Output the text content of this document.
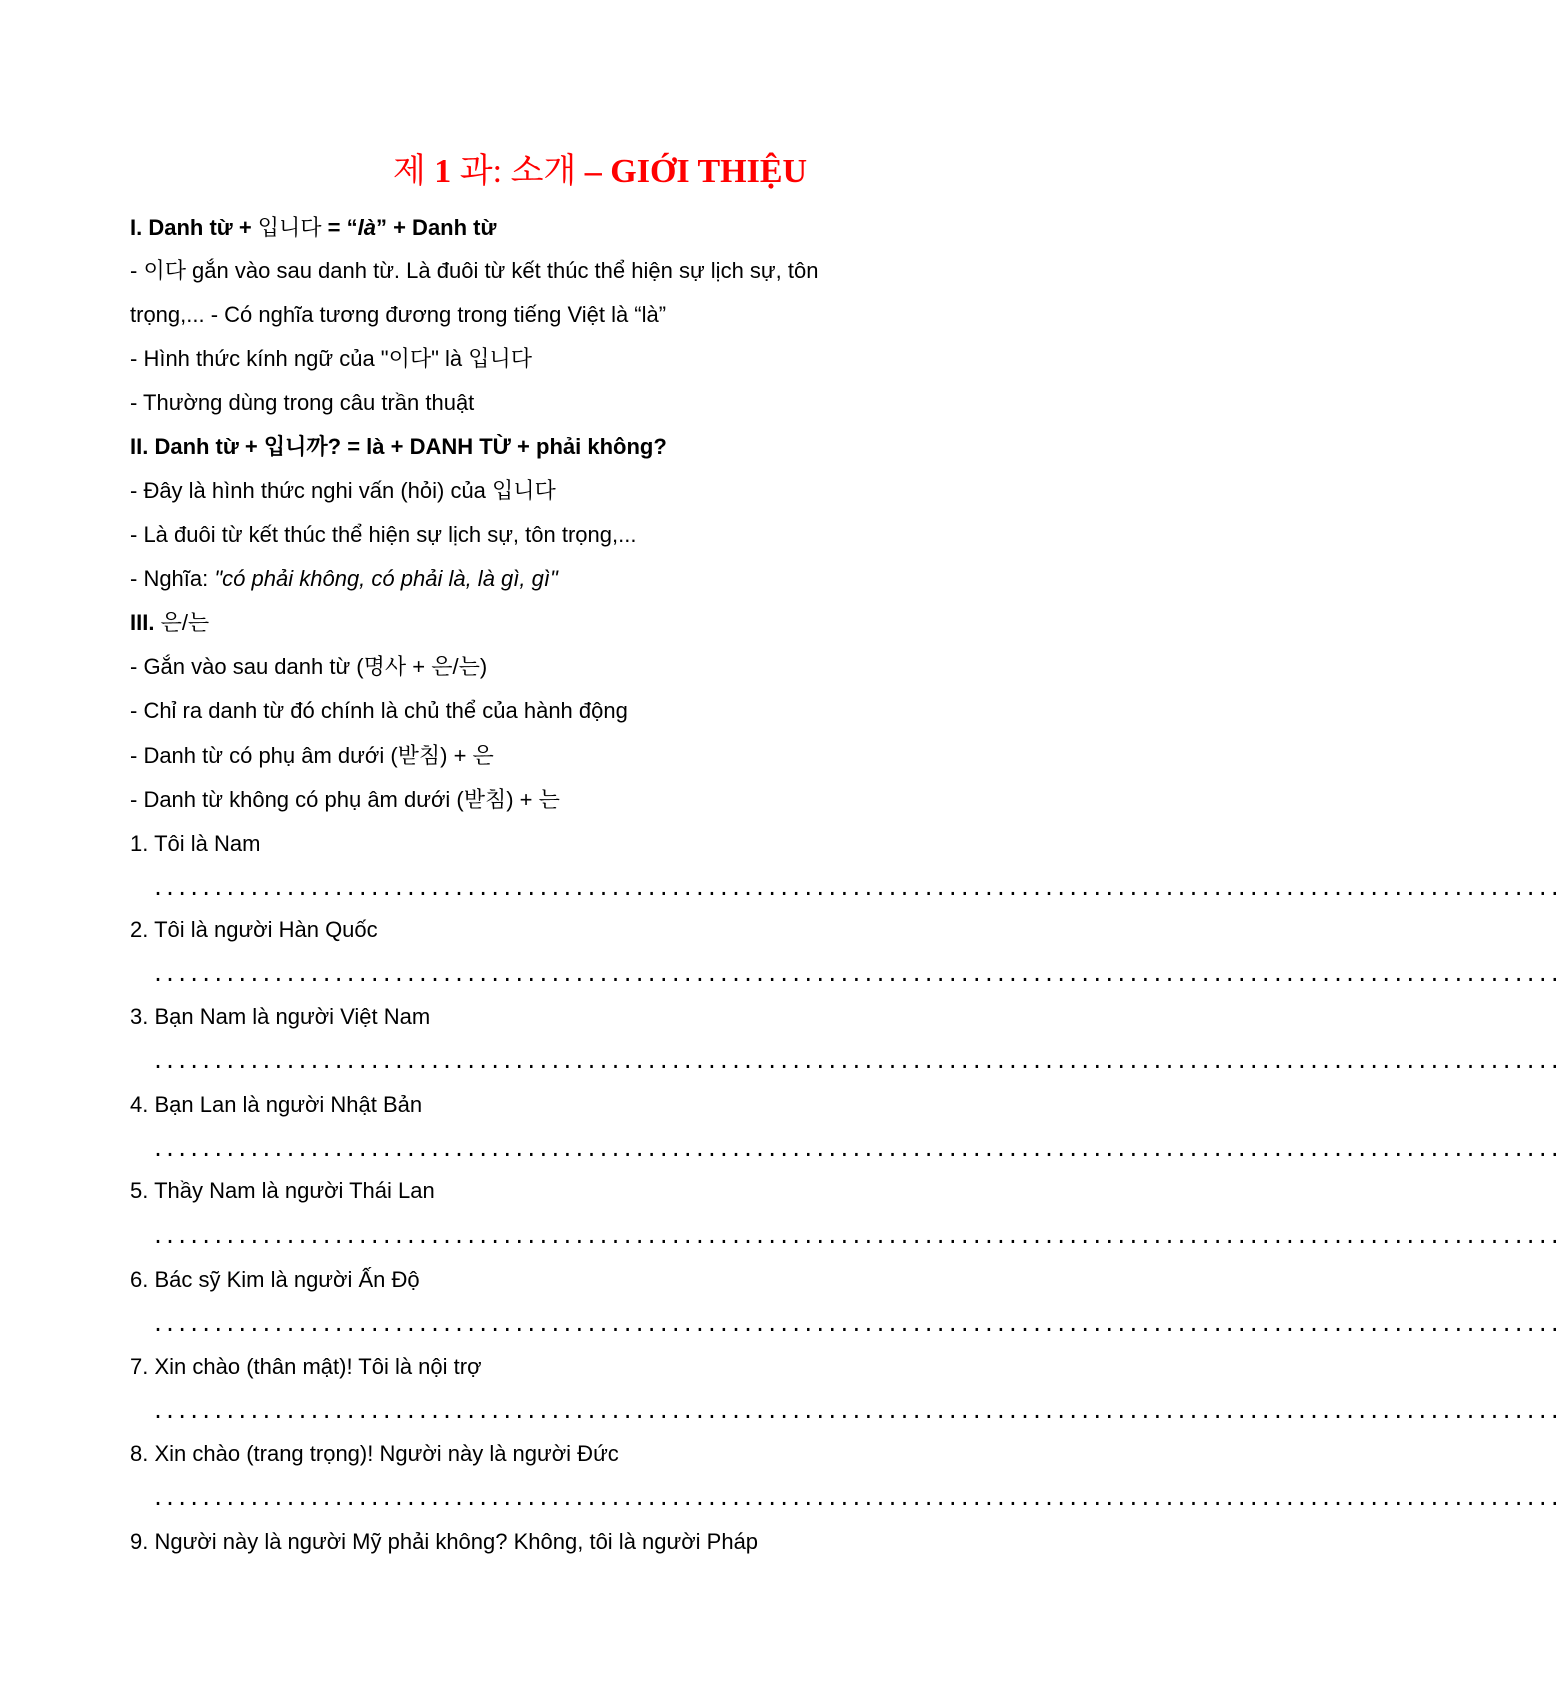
제 1 과: 소개 – GIỚI THIỆU
I. Danh từ + 입니다 = “là” + Danh từ
- 이다 gắn vào sau danh từ. Là đuôi từ kết thúc thể hiện sự lịch sự, tôn
trọng,... - Có nghĩa tương đương trong tiếng Việt là “là”
- Hình thức kính ngữ của "이다" là 입니다
- Thường dùng trong câu trần thuật
II. Danh từ + 입니까? = là + DANH TỪ + phải không?
- Đây là hình thức nghi vấn (hỏi) của 입니다
- Là đuôi từ kết thúc thể hiện sự lịch sự, tôn trọng,...
- Nghĩa: "có phải không, có phải là, là gì, gì"
III. 은/는
- Gắn vào sau danh từ (명사 + 은/는)
- Chỉ ra danh từ đó chính là chủ thể của hành động
- Danh từ có phụ âm dưới (받침) + 은
- Danh từ không có phụ âm dưới (받침) + 는
1. Tôi là Nam
.....................................................................................................................
2. Tôi là người Hàn Quốc
.....................................................................................................................
3. Bạn Nam là người Việt Nam
.....................................................................................................................
4. Bạn Lan là người Nhật Bản
.....................................................................................................................
5. Thầy Nam là người Thái Lan
.....................................................................................................................
6. Bác sỹ Kim là người Ấn Độ
.....................................................................................................................
7. Xin chào (thân mật)! Tôi là nội trợ
.....................................................................................................................
8. Xin chào (trang trọng)! Người này là người Đức
.....................................................................................................................
9. Người này là người Mỹ phải không? Không, tôi là người Pháp
